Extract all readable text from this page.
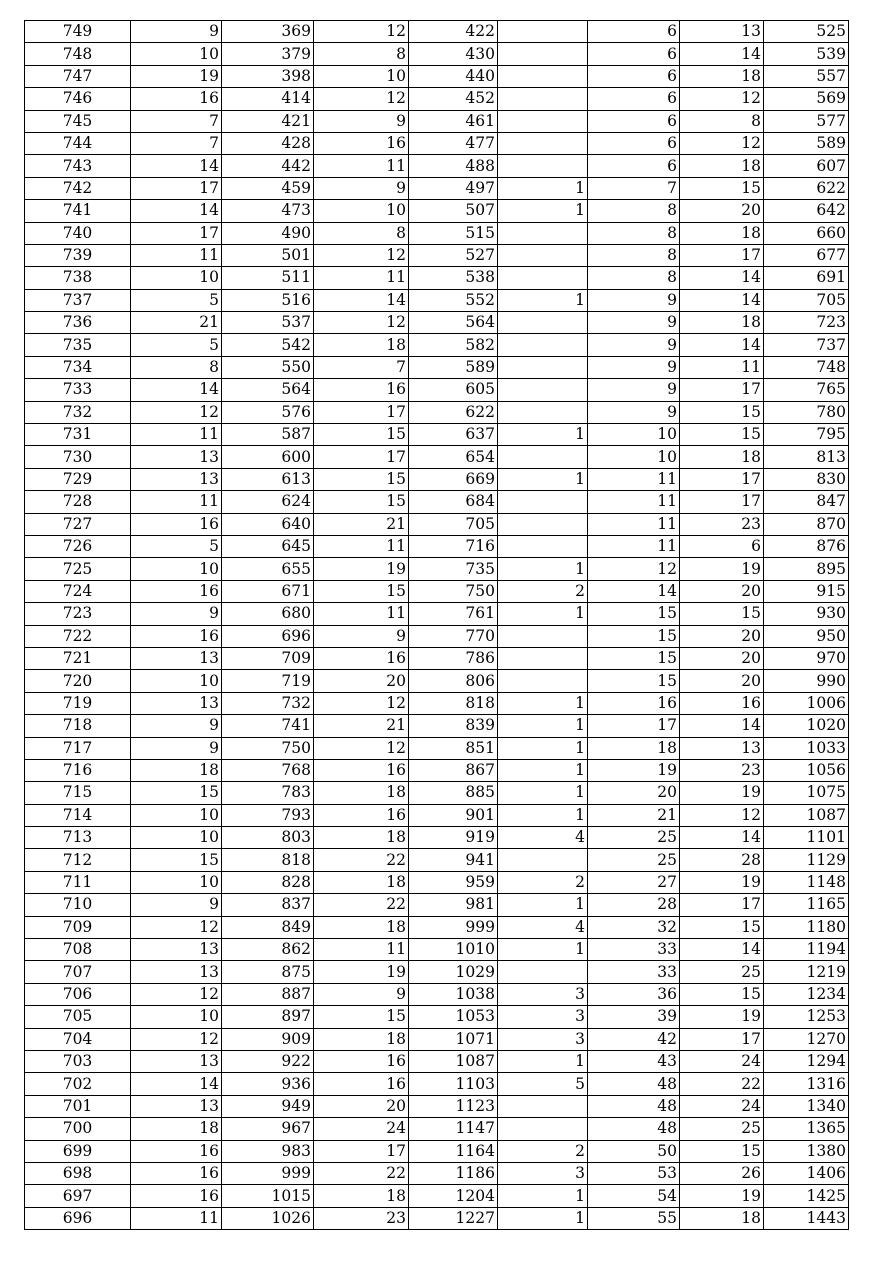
749	9	369	12	422		6	13	525
748	10	379	8	430		6	14	539
747	19	398	10	440		6	18	557
746	16	414	12	452		6	12	569
745	7	421	9	461		6	8	577
744	7	428	16	477		6	12	589
743	14	442	11	488		6	18	607
742	17	459	9	497	1	7	15	622
741	14	473	10	507	1	8	20	642
740	17	490	8	515		8	18	660
739	11	501	12	527		8	17	677
738	10	511	11	538		8	14	691
737	5	516	14	552	1	9	14	705
736	21	537	12	564		9	18	723
735	5	542	18	582		9	14	737
734	8	550	7	589		9	11	748
733	14	564	16	605		9	17	765
732	12	576	17	622		9	15	780
731	11	587	15	637	1	10	15	795
730	13	600	17	654		10	18	813
729	13	613	15	669	1	11	17	830
728	11	624	15	684		11	17	847
727	16	640	21	705		11	23	870
726	5	645	11	716		11	6	876
725	10	655	19	735	1	12	19	895
724	16	671	15	750	2	14	20	915
723	9	680	11	761	1	15	15	930
722	16	696	9	770		15	20	950
721	13	709	16	786		15	20	970
720	10	719	20	806		15	20	990
719	13	732	12	818	1	16	16	1006
718	9	741	21	839	1	17	14	1020
717	9	750	12	851	1	18	13	1033
716	18	768	16	867	1	19	23	1056
715	15	783	18	885	1	20	19	1075
714	10	793	16	901	1	21	12	1087
713	10	803	18	919	4	25	14	1101
712	15	818	22	941		25	28	1129
711	10	828	18	959	2	27	19	1148
710	9	837	22	981	1	28	17	1165
709	12	849	18	999	4	32	15	1180
708	13	862	11	1010	1	33	14	1194
707	13	875	19	1029		33	25	1219
706	12	887	9	1038	3	36	15	1234
705	10	897	15	1053	3	39	19	1253
704	12	909	18	1071	3	42	17	1270
703	13	922	16	1087	1	43	24	1294
702	14	936	16	1103	5	48	22	1316
701	13	949	20	1123		48	24	1340
700	18	967	24	1147		48	25	1365
699	16	983	17	1164	2	50	15	1380
698	16	999	22	1186	3	53	26	1406
697	16	1015	18	1204	1	54	19	1425
696	11	1026	23	1227	1	55	18	1443
